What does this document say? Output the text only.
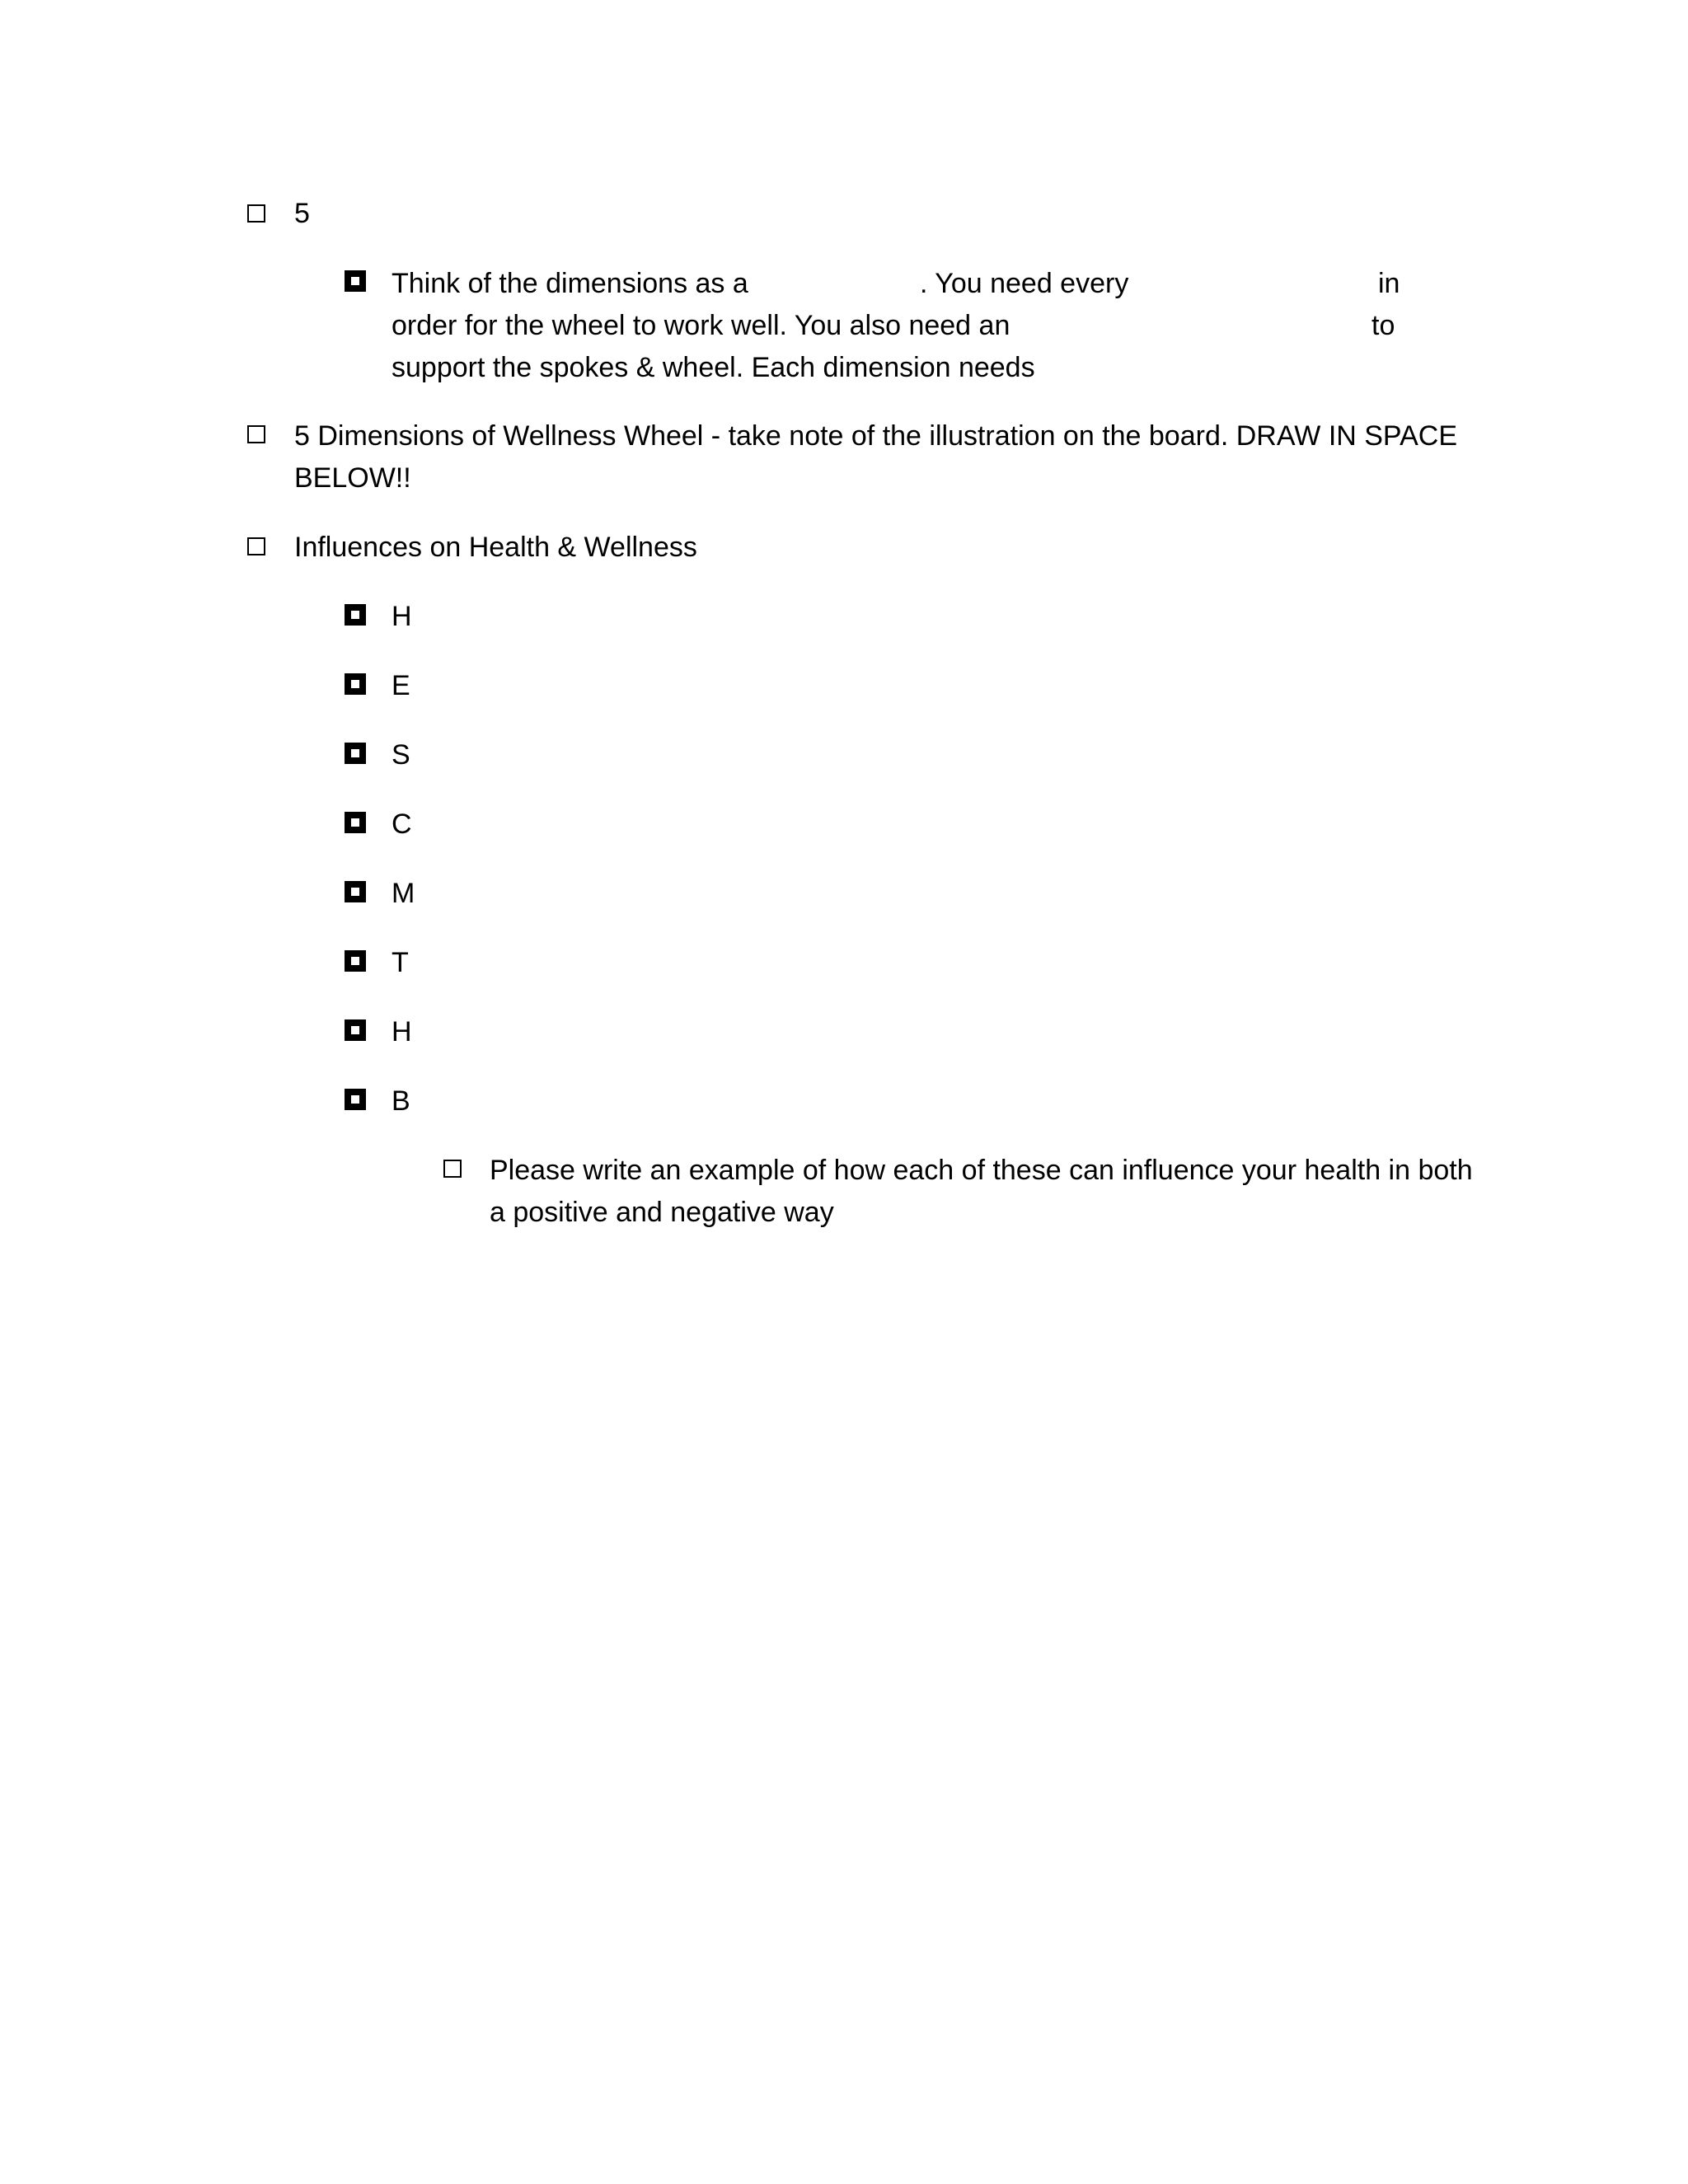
5
Think of the dimensions as a	. You need every	in
order for the wheel to work well. You also need an	to
support the spokes & wheel. Each dimension needs
5 Dimensions of Wellness Wheel - take note of the illustration on the board. DRAW IN SPACE
BELOW!!
Influences on Health & Wellness
H
E
S
C
M
T
H
B
Please write an example of how each of these can influence your health in both
a positive and negative way
